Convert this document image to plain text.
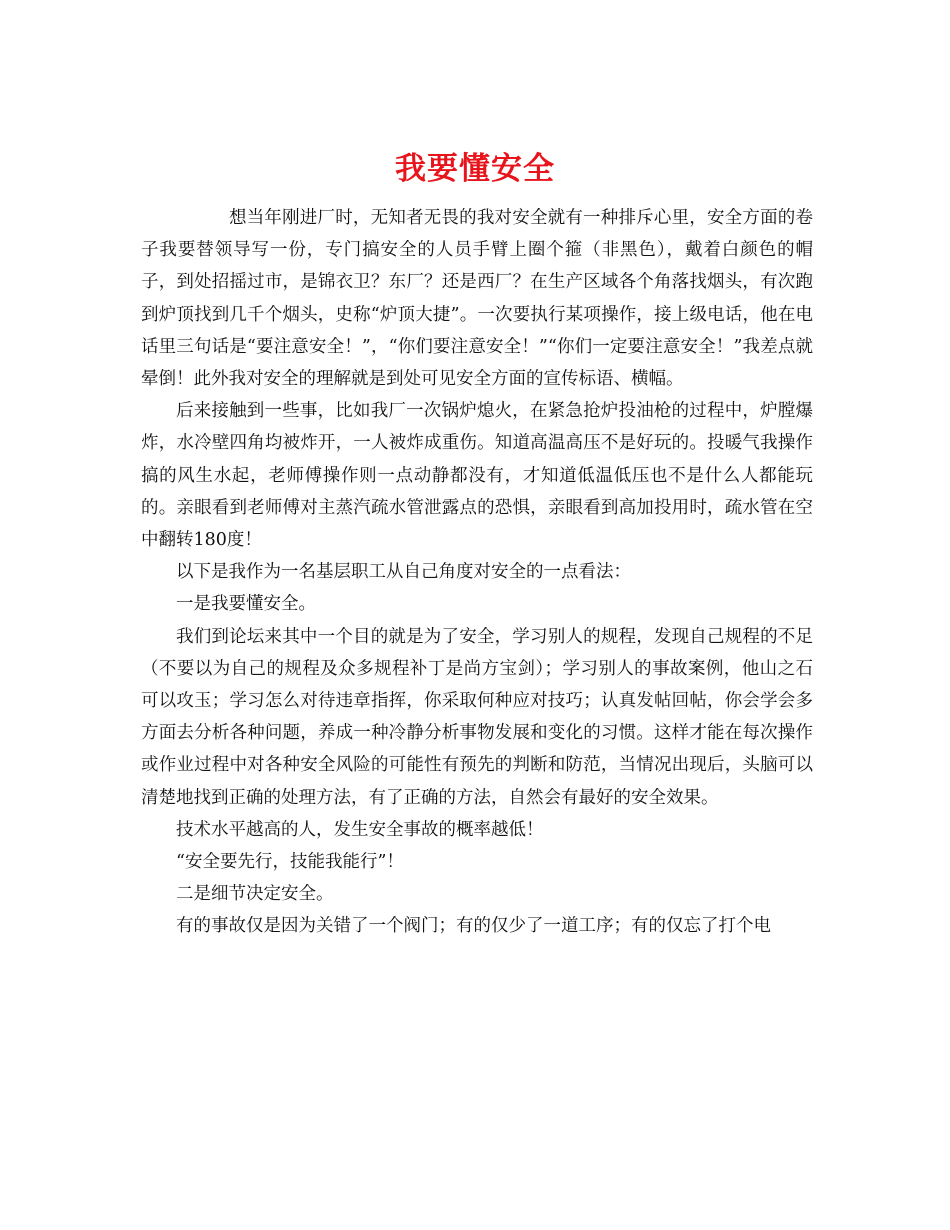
我要懂安全

想当年刚进厂时，无知者无畏的我对安全就有一种排斥心里，安全方面的卷子我要替领导写一份，专门搞安全的人员手臂上圈个箍（非黑色），戴着白颜色的帽子，到处招摇过市，是锦衣卫？东厂？还是西厂？在生产区域各个角落找烟头，有次跑到炉顶找到几千个烟头，史称“炉顶大捷”。一次要执行某项操作，接上级电话，他在电话里三句话是“要注意安全！”，“你们要注意安全！”“你们一定要注意安全！”我差点就晕倒！此外我对安全的理解就是到处可见安全方面的宣传标语、横幅。

后来接触到一些事，比如我厂一次锅炉熄火，在紧急抢炉投油枪的过程中，炉膛爆炸，水冷壁四角均被炸开，一人被炸成重伤。知道高温高压不是好玩的。投暖气我操作搞的风生水起，老师傅操作则一点动静都没有，才知道低温低压也不是什么人都能玩的。亲眼看到老师傅对主蒸汽疏水管泄露点的恐惧，亲眼看到高加投用时，疏水管在空中翻转180度！

以下是我作为一名基层职工从自己角度对安全的一点看法：

一是我要懂安全。

我们到论坛来其中一个目的就是为了安全，学习别人的规程，发现自己规程的不足（不要以为自己的规程及众多规程补丁是尚方宝剑）；学习别人的事故案例，他山之石可以攻玉；学习怎么对待违章指挥，你采取何种应对技巧；认真发帖回帖，你会学会多方面去分析各种问题，养成一种冷静分析事物发展和变化的习惯。这样才能在每次操作或作业过程中对各种安全风险的可能性有预先的判断和防范，当情况出现后，头脑可以清楚地找到正确的处理方法，有了正确的方法，自然会有最好的安全效果。

技术水平越高的人，发生安全事故的概率越低！

“安全要先行，技能我能行”！

二是细节决定安全。

有的事故仅是因为关错了一个阀门；有的仅少了一道工序；有的仅忘了打个电
